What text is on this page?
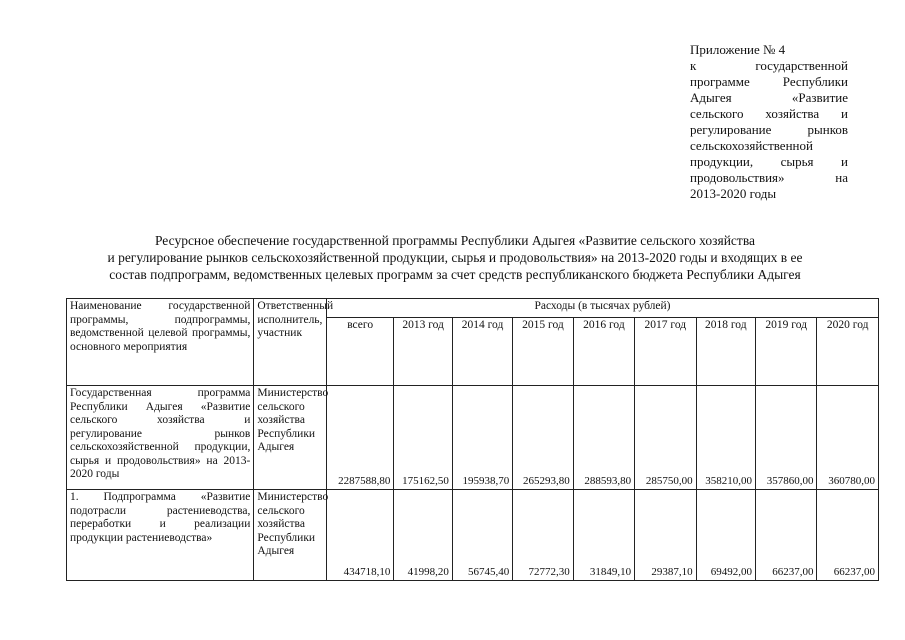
Приложение № 4
к государственной
программе Республики
Адыгея «Развитие
сельского хозяйства и
регулирование рынков
сельскохозяйственной
продукции, сырья и
продовольствия» на
2013-2020 годы
Ресурсное обеспечение государственной программы Республики Адыгея «Развитие сельского хозяйства
и регулирование рынков сельскохозяйственной продукции, сырья и продовольствия» на 2013-2020 годы и входящих в ее
состав подпрограмм, ведомственных целевых программ за счет средств республиканского бюджета Республики Адыгея
Наименование государственной программы, подпрограммы, ведомственной целевой программы, основного мероприятия	Ответственный исполнитель, участник	Расходы (в тысячах рублей)								
		всего	2013 год	2014 год	2015 год	2016 год	2017 год	2018 год	2019 год	2020 год
Государственная программа Республики Адыгея «Развитие сельского хозяйства и регулирование рынков сельскохозяйственной продукции, сырья и продовольствия» на 2013-2020 годы	Министерство сельского хозяйства Республики Адыгея	2287588,80	175162,50	195938,70	265293,80	288593,80	285750,00	358210,00	357860,00	360780,00
1. Подпрограмма «Развитие подотрасли растениеводства, переработки и реализации продукции растениеводства»	Министерство сельского хозяйства Республики Адыгея	434718,10	41998,20	56745,40	72772,30	31849,10	29387,10	69492,00	66237,00	66237,00
